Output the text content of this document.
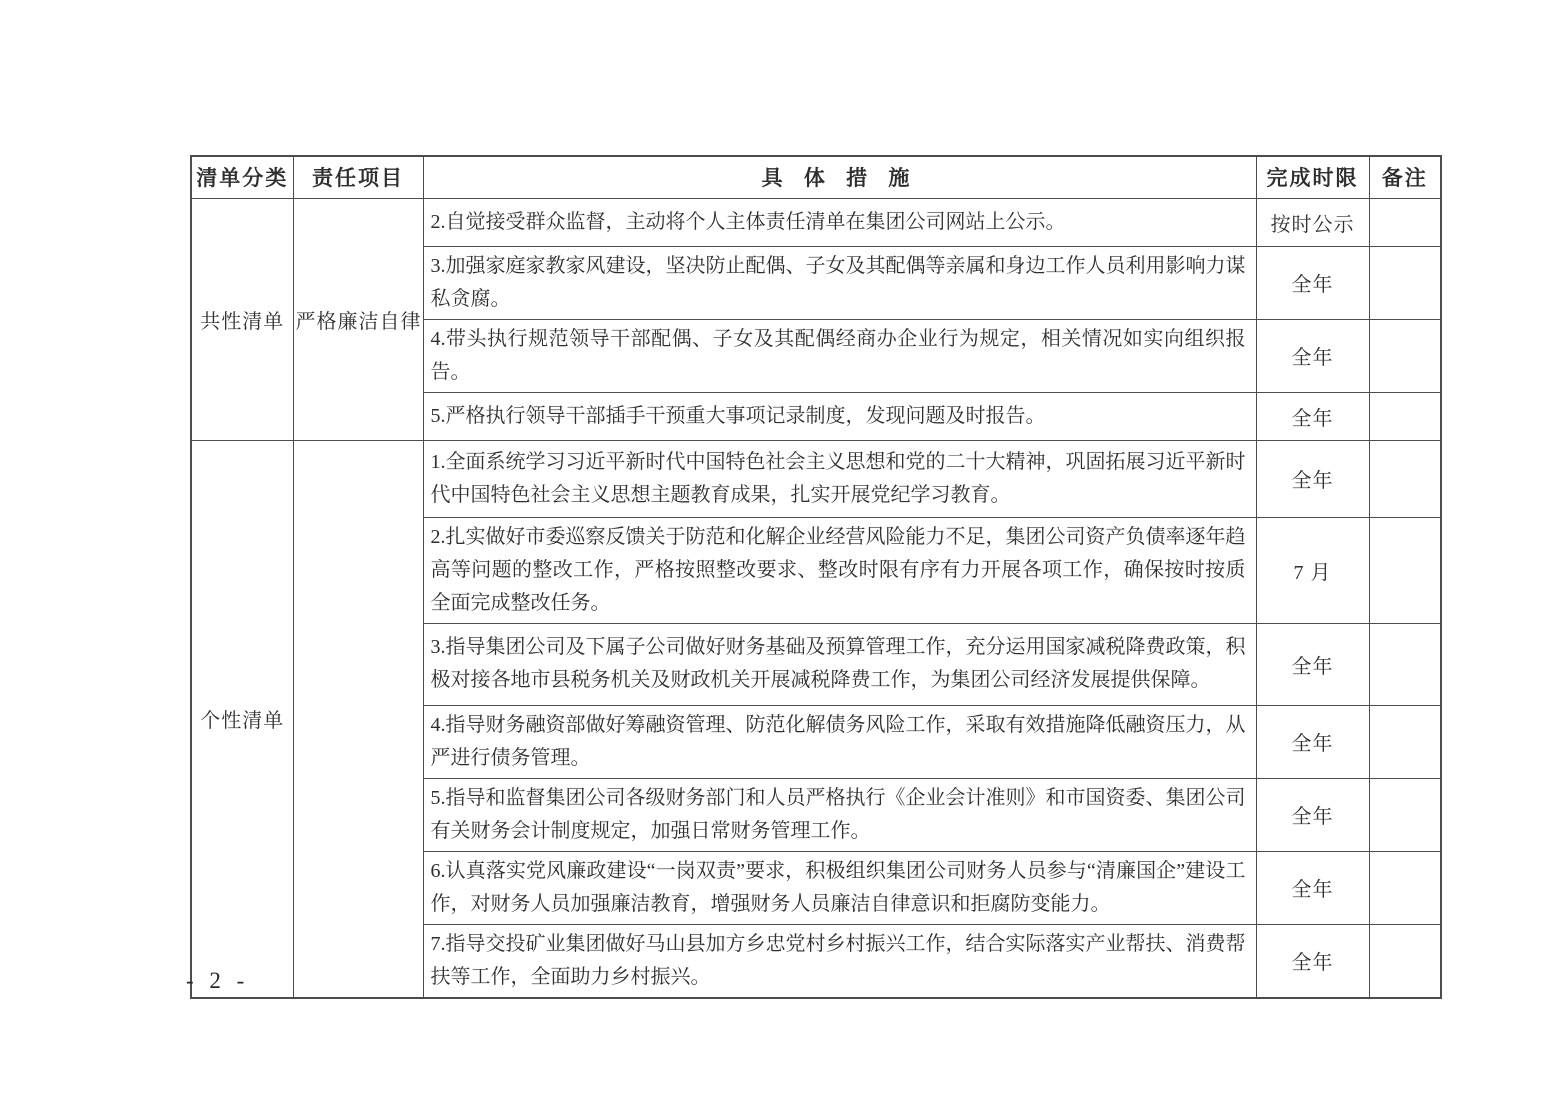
清单分类	责任项目	具 体 措 施	完成时限	备注
共性清单	严格廉洁自律	2.自觉接受群众监督，主动将个人主体责任清单在集团公司网站上公示。	按时公示	
		3.加强家庭家教家风建设，坚决防止配偶、子女及其配偶等亲属和身边工作人员利用影响力谋私贪腐。	全年	
		4.带头执行规范领导干部配偶、子女及其配偶经商办企业行为规定，相关情况如实向组织报告。	全年	
		5.严格执行领导干部插手干预重大事项记录制度，发现问题及时报告。	全年	
个性清单		1.全面系统学习习近平新时代中国特色社会主义思想和党的二十大精神，巩固拓展习近平新时代中国特色社会主义思想主题教育成果，扎实开展党纪学习教育。	全年	
		2.扎实做好市委巡察反馈关于防范和化解企业经营风险能力不足，集团公司资产负债率逐年趋高等问题的整改工作，严格按照整改要求、整改时限有序有力开展各项工作，确保按时按质全面完成整改任务。	7 月	
		3.指导集团公司及下属子公司做好财务基础及预算管理工作，充分运用国家减税降费政策，积极对接各地市县税务机关及财政机关开展减税降费工作，为集团公司经济发展提供保障。	全年	
		4.指导财务融资部做好筹融资管理、防范化解债务风险工作，采取有效措施降低融资压力，从严进行债务管理。	全年	
		5.指导和监督集团公司各级财务部门和人员严格执行《企业会计准则》和市国资委、集团公司有关财务会计制度规定，加强日常财务管理工作。	全年	
		6.认真落实党风廉政建设“一岗双责”要求，积极组织集团公司财务人员参与“清廉国企”建设工作，对财务人员加强廉洁教育，增强财务人员廉洁自律意识和拒腐防变能力。	全年	
		7.指导交投矿业集团做好马山县加方乡忠党村乡村振兴工作，结合实际落实产业帮扶、消费帮扶等工作，全面助力乡村振兴。	全年	
- 2 -
